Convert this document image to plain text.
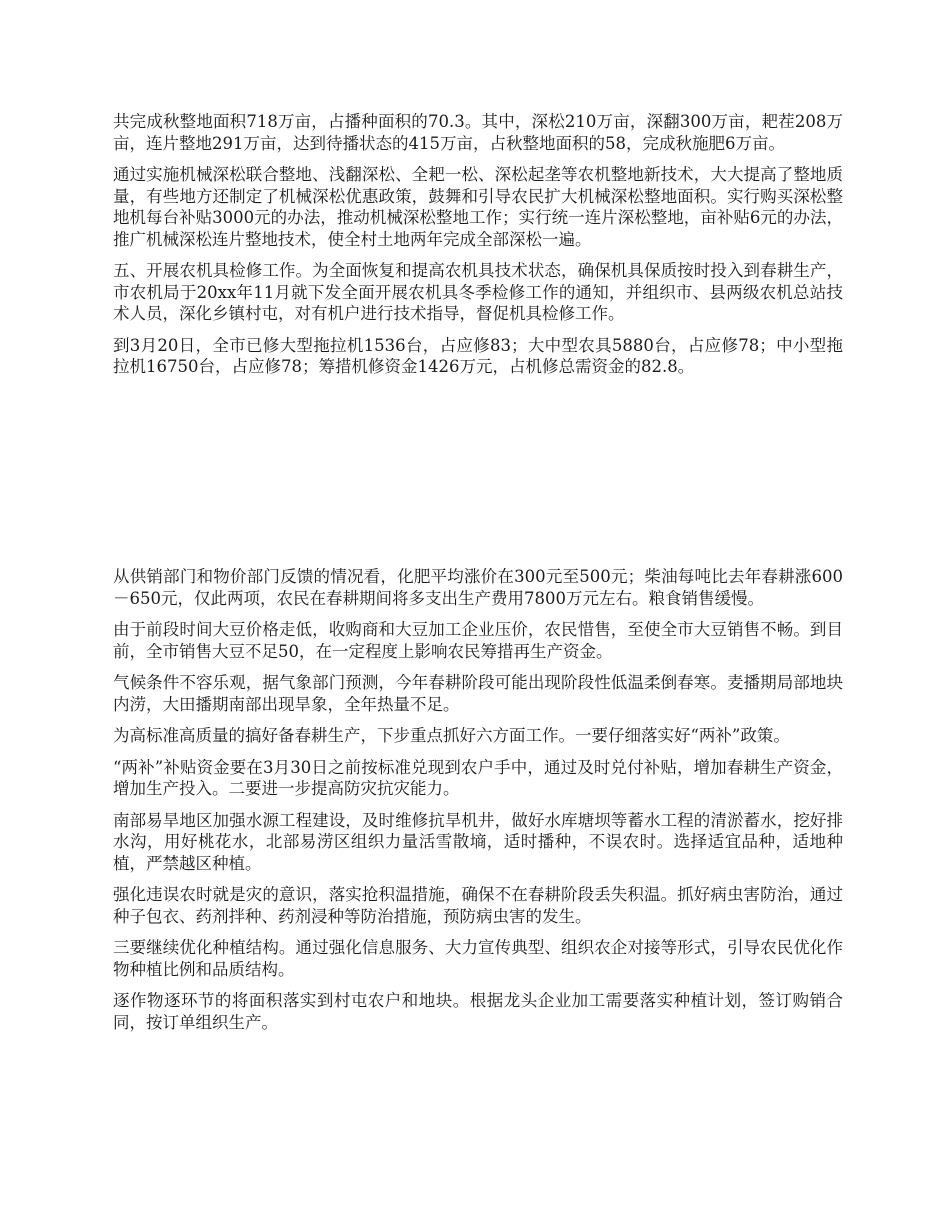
共完成秋整地面积718万亩，占播种面积的70.3。其中，深松210万亩，深翻300万亩，耙茬208万亩，连片整地291万亩，达到待播状态的415万亩，占秋整地面积的58，完成秋施肥6万亩。

通过实施机械深松联合整地、浅翻深松、全耙一松、深松起垄等农机整地新技术，大大提高了整地质量，有些地方还制定了机械深松优惠政策，鼓舞和引导农民扩大机械深松整地面积。实行购买深松整地机每台补贴3000元的办法，推动机械深松整地工作；实行统一连片深松整地，亩补贴6元的办法，推广机械深松连片整地技术，使全村土地两年完成全部深松一遍。

五、开展农机具检修工作。为全面恢复和提高农机具技术状态，确保机具保质按时投入到春耕生产，市农机局于20xx年11月就下发全面开展农机具冬季检修工作的通知，并组织市、县两级农机总站技术人员，深化乡镇村屯，对有机户进行技术指导，督促机具检修工作。

到3月20日，全市已修大型拖拉机1536台，占应修83；大中型农具5880台，占应修78；中小型拖拉机16750台，占应修78；筹措机修资金1426万元，占机修总需资金的82.8。

从供销部门和物价部门反馈的情况看，化肥平均涨价在300元至500元；柴油每吨比去年春耕涨600－650元，仅此两项，农民在春耕期间将多支出生产费用7800万元左右。粮食销售缓慢。

由于前段时间大豆价格走低，收购商和大豆加工企业压价，农民惜售，至使全市大豆销售不畅。到目前，全市销售大豆不足50，在一定程度上影响农民筹措再生产资金。

气候条件不容乐观，据气象部门预测，今年春耕阶段可能出现阶段性低温柔倒春寒。麦播期局部地块内涝，大田播期南部出现旱象，全年热量不足。

为高标准高质量的搞好备春耕生产，下步重点抓好六方面工作。一要仔细落实好“两补”政策。

“两补”补贴资金要在3月30日之前按标准兑现到农户手中，通过及时兑付补贴，增加春耕生产资金，增加生产投入。二要进一步提高防灾抗灾能力。

南部易旱地区加强水源工程建设，及时维修抗旱机井，做好水库塘坝等蓄水工程的清淤蓄水，挖好排水沟，用好桃花水，北部易涝区组织力量活雪散墒，适时播种，不误农时。选择适宜品种，适地种植，严禁越区种植。

强化违误农时就是灾的意识，落实抢积温措施，确保不在春耕阶段丢失积温。抓好病虫害防治，通过种子包衣、药剂拌种、药剂浸种等防治措施，预防病虫害的发生。

三要继续优化种植结构。通过强化信息服务、大力宣传典型、组织农企对接等形式，引导农民优化作物种植比例和品质结构。

逐作物逐环节的将面积落实到村屯农户和地块。根据龙头企业加工需要落实种植计划，签订购销合同，按订单组织生产。
